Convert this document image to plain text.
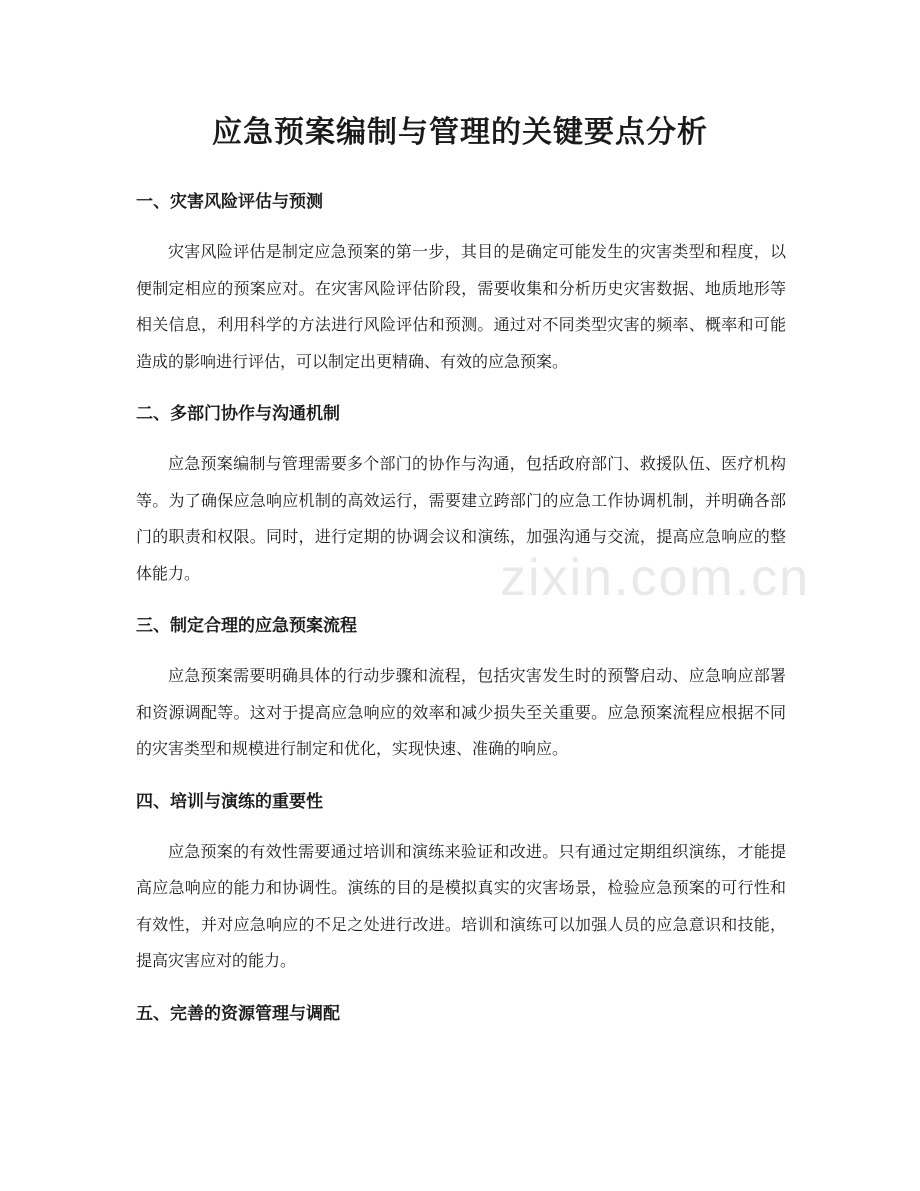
zixin.com.cn
应急预案编制与管理的关键要点分析
一、灾害风险评估与预测

灾害风险评估是制定应急预案的第一步，其目的是确定可能发生的灾害类型和程度，以便制定相应的预案应对。在灾害风险评估阶段，需要收集和分析历史灾害数据、地质地形等相关信息，利用科学的方法进行风险评估和预测。通过对不同类型灾害的频率、概率和可能造成的影响进行评估，可以制定出更精确、有效的应急预案。

二、多部门协作与沟通机制

应急预案编制与管理需要多个部门的协作与沟通，包括政府部门、救援队伍、医疗机构等。为了确保应急响应机制的高效运行，需要建立跨部门的应急工作协调机制，并明确各部门的职责和权限。同时，进行定期的协调会议和演练，加强沟通与交流，提高应急响应的整体能力。

三、制定合理的应急预案流程

应急预案需要明确具体的行动步骤和流程，包括灾害发生时的预警启动、应急响应部署和资源调配等。这对于提高应急响应的效率和减少损失至关重要。应急预案流程应根据不同的灾害类型和规模进行制定和优化，实现快速、准确的响应。

四、培训与演练的重要性

应急预案的有效性需要通过培训和演练来验证和改进。只有通过定期组织演练，才能提高应急响应的能力和协调性。演练的目的是模拟真实的灾害场景，检验应急预案的可行性和有效性，并对应急响应的不足之处进行改进。培训和演练可以加强人员的应急意识和技能，提高灾害应对的能力。

五、完善的资源管理与调配
